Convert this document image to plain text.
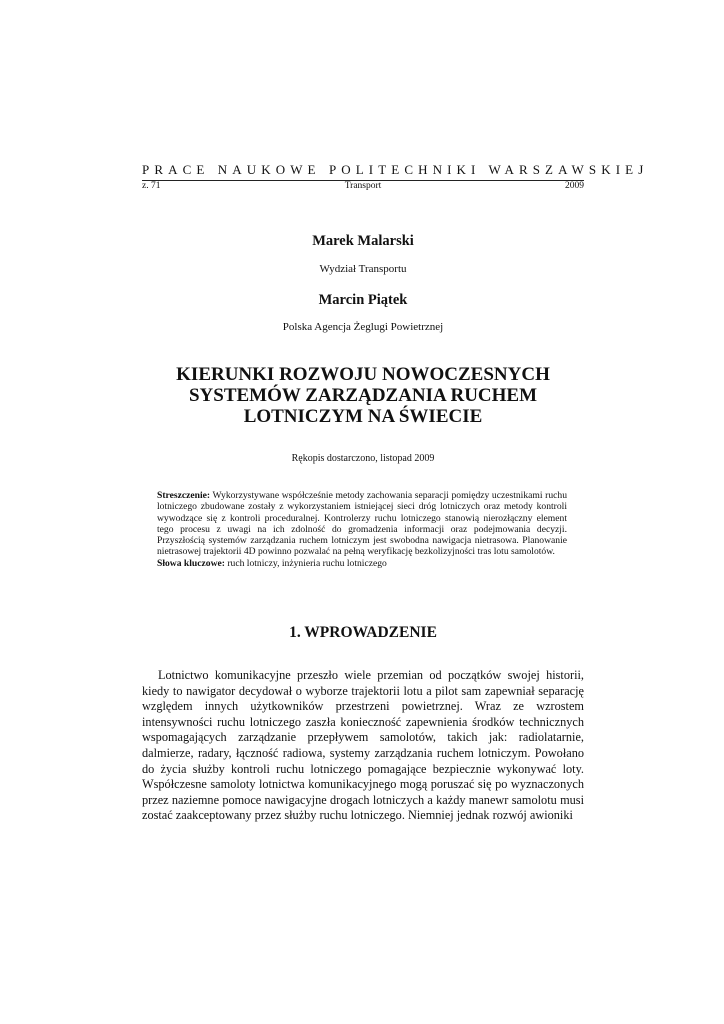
PRACE NAUKOWE POLITECHNIKI WARSZAWSKIEJ
z. 71	Transport	2009
Marek Malarski
Wydział Transportu
Marcin Piątek
Polska Agencja Żeglugi Powietrznej
KIERUNKI ROZWOJU NOWOCZESNYCH
SYSTEMÓW ZARZĄDZANIA RUCHEM
LOTNICZYM NA ŚWIECIE
Rękopis dostarczono, listopad 2009

Streszczenie: Wykorzystywane współcześnie metody zachowania separacji pomiędzy uczestnikami ruchu lotniczego zbudowane zostały z wykorzystaniem istniejącej sieci dróg lotniczych oraz metody kontroli wywodzące się z kontroli proceduralnej. Kontrolerzy ruchu lotniczego stanowią nierozłączny element tego procesu z uwagi na ich zdolność do gromadzenia informacji oraz podejmowania decyzji. Przyszłością systemów zarządzania ruchem lotniczym jest swobodna nawigacja nietrasowa. Planowanie nietrasowej trajektorii 4D powinno pozwalać na pełną weryfikację bezkolizyjności tras lotu samolotów.

Słowa kluczowe: ruch lotniczy, inżynieria ruchu lotniczego

1. WPROWADZENIE

Lotnictwo komunikacyjne przeszło wiele przemian od początków swojej historii, kiedy to nawigator decydował o wyborze trajektorii lotu a pilot sam zapewniał separację względem innych użytkowników przestrzeni powietrznej. Wraz ze wzrostem intensywności ruchu lotniczego zaszła konieczność zapewnienia środków technicznych wspomagających zarządzanie przepływem samolotów, takich jak: radiolatarnie, dalmierze, radary, łączność radiowa, systemy zarządzania ruchem lotniczym. Powołano do życia służby kontroli ruchu lotniczego pomagające bezpiecznie wykonywać loty. Współczesne samoloty lotnictwa komunikacyjnego mogą poruszać się po wyznaczonych przez naziemne pomoce nawigacyjne drogach lotniczych a każdy manewr samolotu musi zostać zaakceptowany przez służby ruchu lotniczego. Niemniej jednak rozwój awioniki
